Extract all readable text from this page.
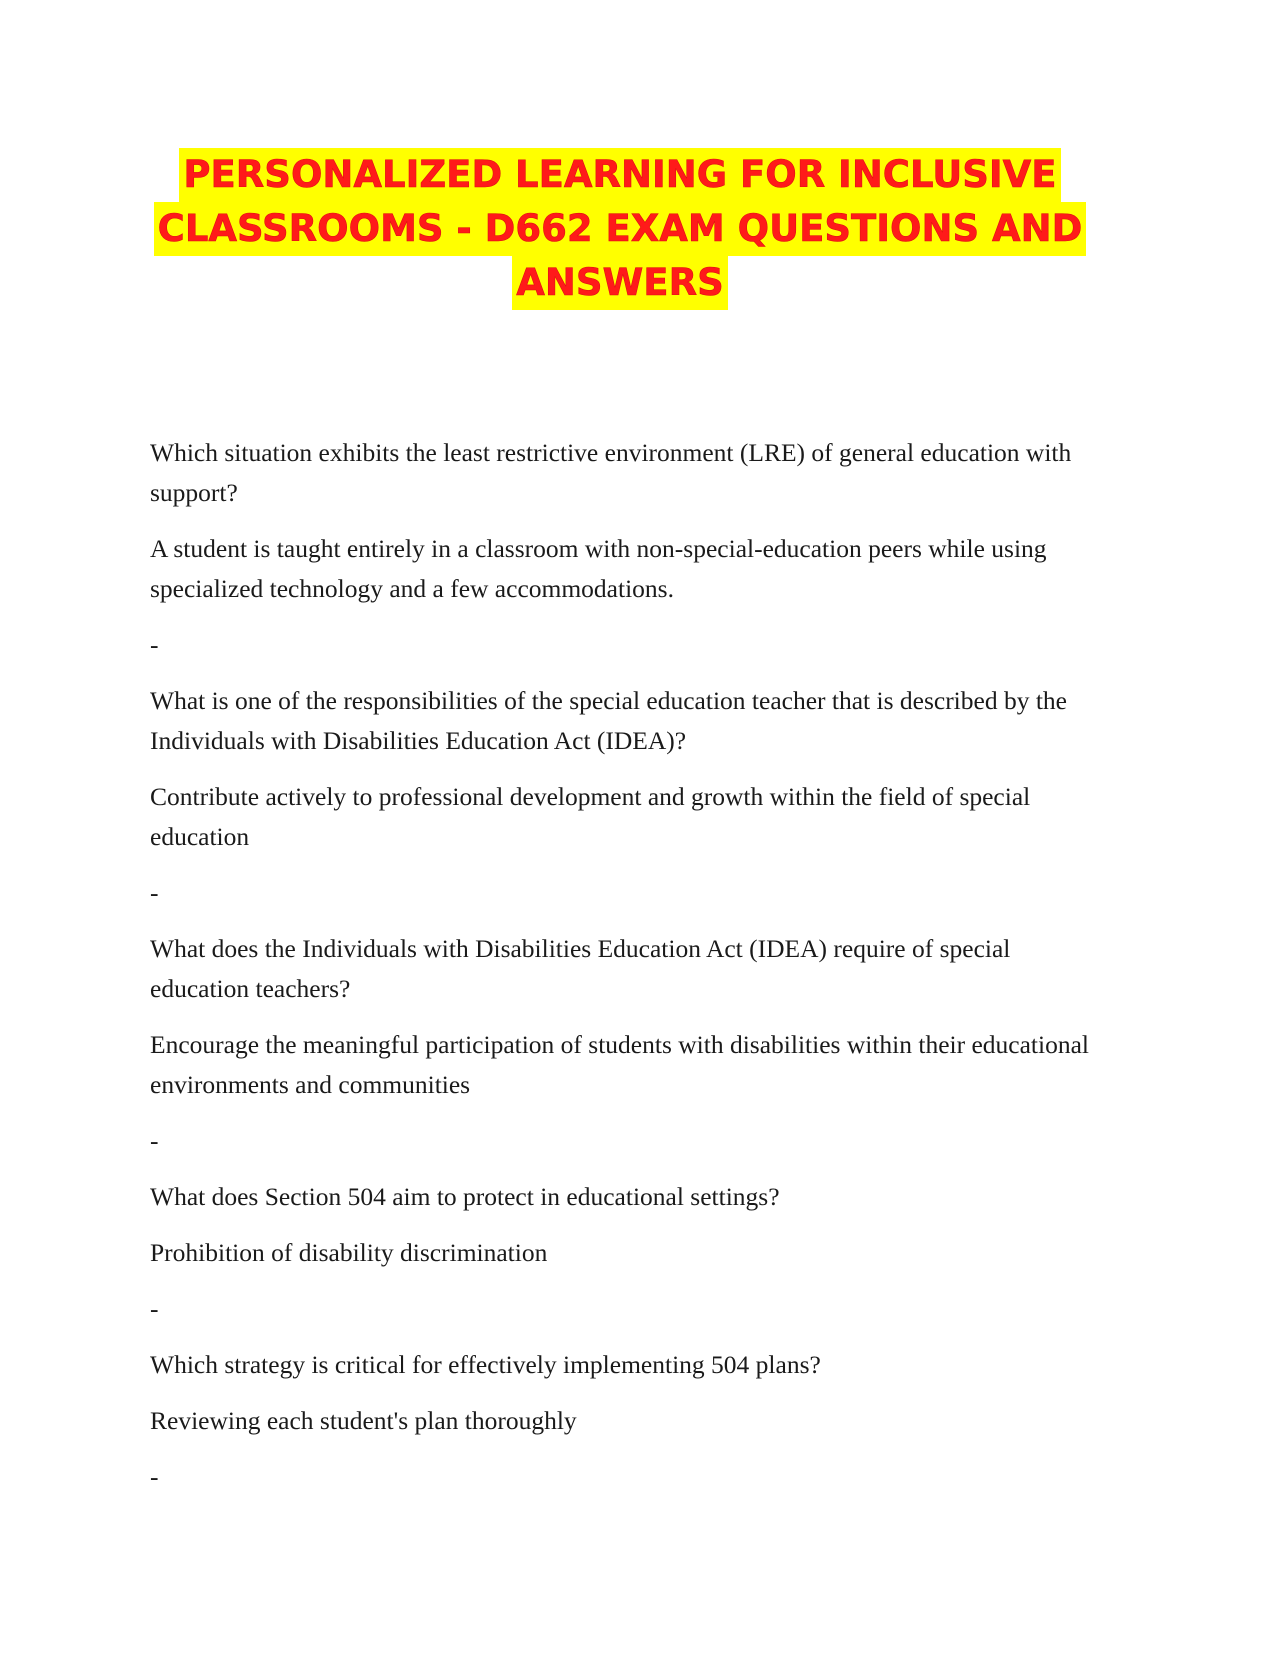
PERSONALIZED LEARNING FOR INCLUSIVE
CLASSROOMS - D662 EXAM QUESTIONS AND
ANSWERS

Which situation exhibits the least restrictive environment (LRE) of general education with support?

A student is taught entirely in a classroom with non-special-education peers while using specialized technology and a few accommodations.

-

What is one of the responsibilities of the special education teacher that is described by the Individuals with Disabilities Education Act (IDEA)?

Contribute actively to professional development and growth within the field of special education

-

What does the Individuals with Disabilities Education Act (IDEA) require of special education teachers?

Encourage the meaningful participation of students with disabilities within their educational environments and communities

-

What does Section 504 aim to protect in educational settings?

Prohibition of disability discrimination

-

Which strategy is critical for effectively implementing 504 plans?

Reviewing each student's plan thoroughly

-
